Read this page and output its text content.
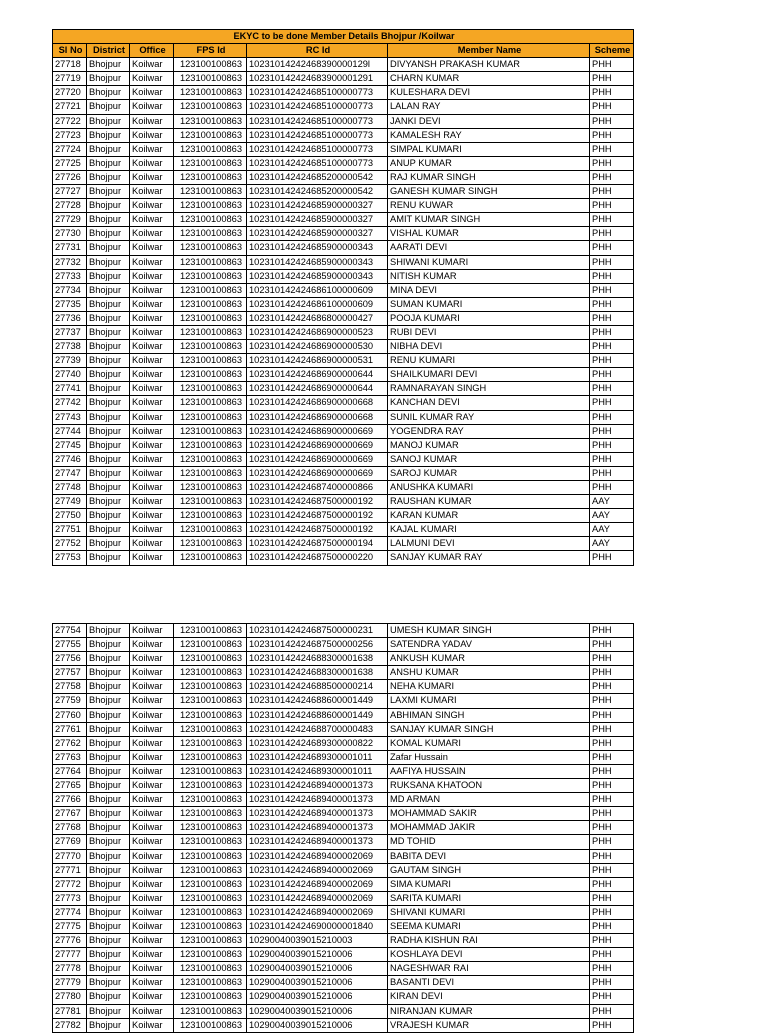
EKYC to be done Member Details Bhojpur /Koilwar						
Sl No	District	Office	FPS Id	RC Id	Member Name	Scheme
27718	Bhojpur	Koilwar	123100100863	10231014242468390000129l	DIVYANSH PRAKASH KUMAR	PHH
27719	Bhojpur	Koilwar	123100100863	102310142424683900001291	CHARN KUMAR	PHH
27720	Bhojpur	Koilwar	123100100863	102310142424685100000773	KULESHARA DEVI	PHH
27721	Bhojpur	Koilwar	123100100863	102310142424685100000773	LALAN RAY	PHH
27722	Bhojpur	Koilwar	123100100863	102310142424685100000773	JANKI DEVI	PHH
27723	Bhojpur	Koilwar	123100100863	102310142424685100000773	KAMALESH RAY	PHH
27724	Bhojpur	Koilwar	123100100863	102310142424685100000773	SIMPAL KUMARI	PHH
27725	Bhojpur	Koilwar	123100100863	102310142424685100000773	ANUP KUMAR	PHH
27726	Bhojpur	Koilwar	123100100863	102310142424685200000542	RAJ KUMAR SINGH	PHH
27727	Bhojpur	Koilwar	123100100863	102310142424685200000542	GANESH KUMAR SINGH	PHH
27728	Bhojpur	Koilwar	123100100863	102310142424685900000327	RENU KUWAR	PHH
27729	Bhojpur	Koilwar	123100100863	102310142424685900000327	AMIT KUMAR SINGH	PHH
27730	Bhojpur	Koilwar	123100100863	102310142424685900000327	VISHAL KUMAR	PHH
27731	Bhojpur	Koilwar	123100100863	102310142424685900000343	AARATI DEVI	PHH
27732	Bhojpur	Koilwar	123100100863	102310142424685900000343	SHIWANI KUMARI	PHH
27733	Bhojpur	Koilwar	123100100863	102310142424685900000343	NITISH KUMAR	PHH
27734	Bhojpur	Koilwar	123100100863	102310142424686100000609	MINA DEVI	PHH
27735	Bhojpur	Koilwar	123100100863	102310142424686100000609	SUMAN KUMARI	PHH
27736	Bhojpur	Koilwar	123100100863	102310142424686800000427	POOJA KUMARI	PHH
27737	Bhojpur	Koilwar	123100100863	102310142424686900000523	RUBI DEVI	PHH
27738	Bhojpur	Koilwar	123100100863	102310142424686900000530	NIBHA DEVI	PHH
27739	Bhojpur	Koilwar	123100100863	102310142424686900000531	RENU KUMARI	PHH
27740	Bhojpur	Koilwar	123100100863	102310142424686900000644	SHAILKUMARI DEVI	PHH
27741	Bhojpur	Koilwar	123100100863	102310142424686900000644	RAMNARAYAN SINGH	PHH
27742	Bhojpur	Koilwar	123100100863	102310142424686900000668	KANCHAN DEVI	PHH
27743	Bhojpur	Koilwar	123100100863	102310142424686900000668	SUNIL KUMAR RAY	PHH
27744	Bhojpur	Koilwar	123100100863	102310142424686900000669	YOGENDRA RAY	PHH
27745	Bhojpur	Koilwar	123100100863	102310142424686900000669	MANOJ KUMAR	PHH
27746	Bhojpur	Koilwar	123100100863	102310142424686900000669	SANOJ KUMAR	PHH
27747	Bhojpur	Koilwar	123100100863	102310142424686900000669	SAROJ KUMAR	PHH
27748	Bhojpur	Koilwar	123100100863	102310142424687400000866	ANUSHKA KUMARI	PHH
27749	Bhojpur	Koilwar	123100100863	102310142424687500000192	RAUSHAN KUMAR	AAY
27750	Bhojpur	Koilwar	123100100863	102310142424687500000192	KARAN KUMAR	AAY
27751	Bhojpur	Koilwar	123100100863	102310142424687500000192	KAJAL KUMARI	AAY
27752	Bhojpur	Koilwar	123100100863	102310142424687500000194	LALMUNI DEVI	AAY
27753	Bhojpur	Koilwar	123100100863	102310142424687500000220	SANJAY KUMAR RAY	PHH
27754	Bhojpur	Koilwar	123100100863	102310142424687500000231	UMESH KUMAR SINGH	PHH
27755	Bhojpur	Koilwar	123100100863	102310142424687500000256	SATENDRA YADAV	PHH
27756	Bhojpur	Koilwar	123100100863	102310142424688300001638	ANKUSH KUMAR	PHH
27757	Bhojpur	Koilwar	123100100863	102310142424688300001638	ANSHU KUMAR	PHH
27758	Bhojpur	Koilwar	123100100863	102310142424688500000214	NEHA KUMARI	PHH
27759	Bhojpur	Koilwar	123100100863	102310142424688600001449	LAXMI KUMARI	PHH
27760	Bhojpur	Koilwar	123100100863	102310142424688600001449	ABHIMAN SINGH	PHH
27761	Bhojpur	Koilwar	123100100863	102310142424688700000483	SANJAY KUMAR SINGH	PHH
27762	Bhojpur	Koilwar	123100100863	102310142424689300000822	KOMAL KUMARI	PHH
27763	Bhojpur	Koilwar	123100100863	102310142424689300001011	Zafar Hussain	PHH
27764	Bhojpur	Koilwar	123100100863	102310142424689300001011	AAFIYA HUSSAIN	PHH
27765	Bhojpur	Koilwar	123100100863	102310142424689400001373	RUKSANA KHATOON	PHH
27766	Bhojpur	Koilwar	123100100863	102310142424689400001373	MD ARMAN	PHH
27767	Bhojpur	Koilwar	123100100863	102310142424689400001373	MOHAMMAD SAKIR	PHH
27768	Bhojpur	Koilwar	123100100863	102310142424689400001373	MOHAMMAD JAKIR	PHH
27769	Bhojpur	Koilwar	123100100863	102310142424689400001373	MD TOHID	PHH
27770	Bhojpur	Koilwar	123100100863	102310142424689400002069	BABITA DEVI	PHH
27771	Bhojpur	Koilwar	123100100863	102310142424689400002069	GAUTAM SINGH	PHH
27772	Bhojpur	Koilwar	123100100863	102310142424689400002069	SIMA KUMARI	PHH
27773	Bhojpur	Koilwar	123100100863	102310142424689400002069	SARITA KUMARI	PHH
27774	Bhojpur	Koilwar	123100100863	102310142424689400002069	SHIVANI KUMARI	PHH
27775	Bhojpur	Koilwar	123100100863	102310142424690000001840	SEEMA KUMARI	PHH
27776	Bhojpur	Koilwar	123100100863	10290040039015210003	RADHA KISHUN RAI	PHH
27777	Bhojpur	Koilwar	123100100863	10290040039015210006	KOSHLAYA DEVI	PHH
27778	Bhojpur	Koilwar	123100100863	10290040039015210006	NAGESHWAR RAI	PHH
27779	Bhojpur	Koilwar	123100100863	10290040039015210006	BASANTI DEVI	PHH
27780	Bhojpur	Koilwar	123100100863	10290040039015210006	KIRAN DEVI	PHH
27781	Bhojpur	Koilwar	123100100863	10290040039015210006	NIRANJAN KUMAR	PHH
27782	Bhojpur	Koilwar	123100100863	10290040039015210006	VRAJESH KUMAR	PHH
